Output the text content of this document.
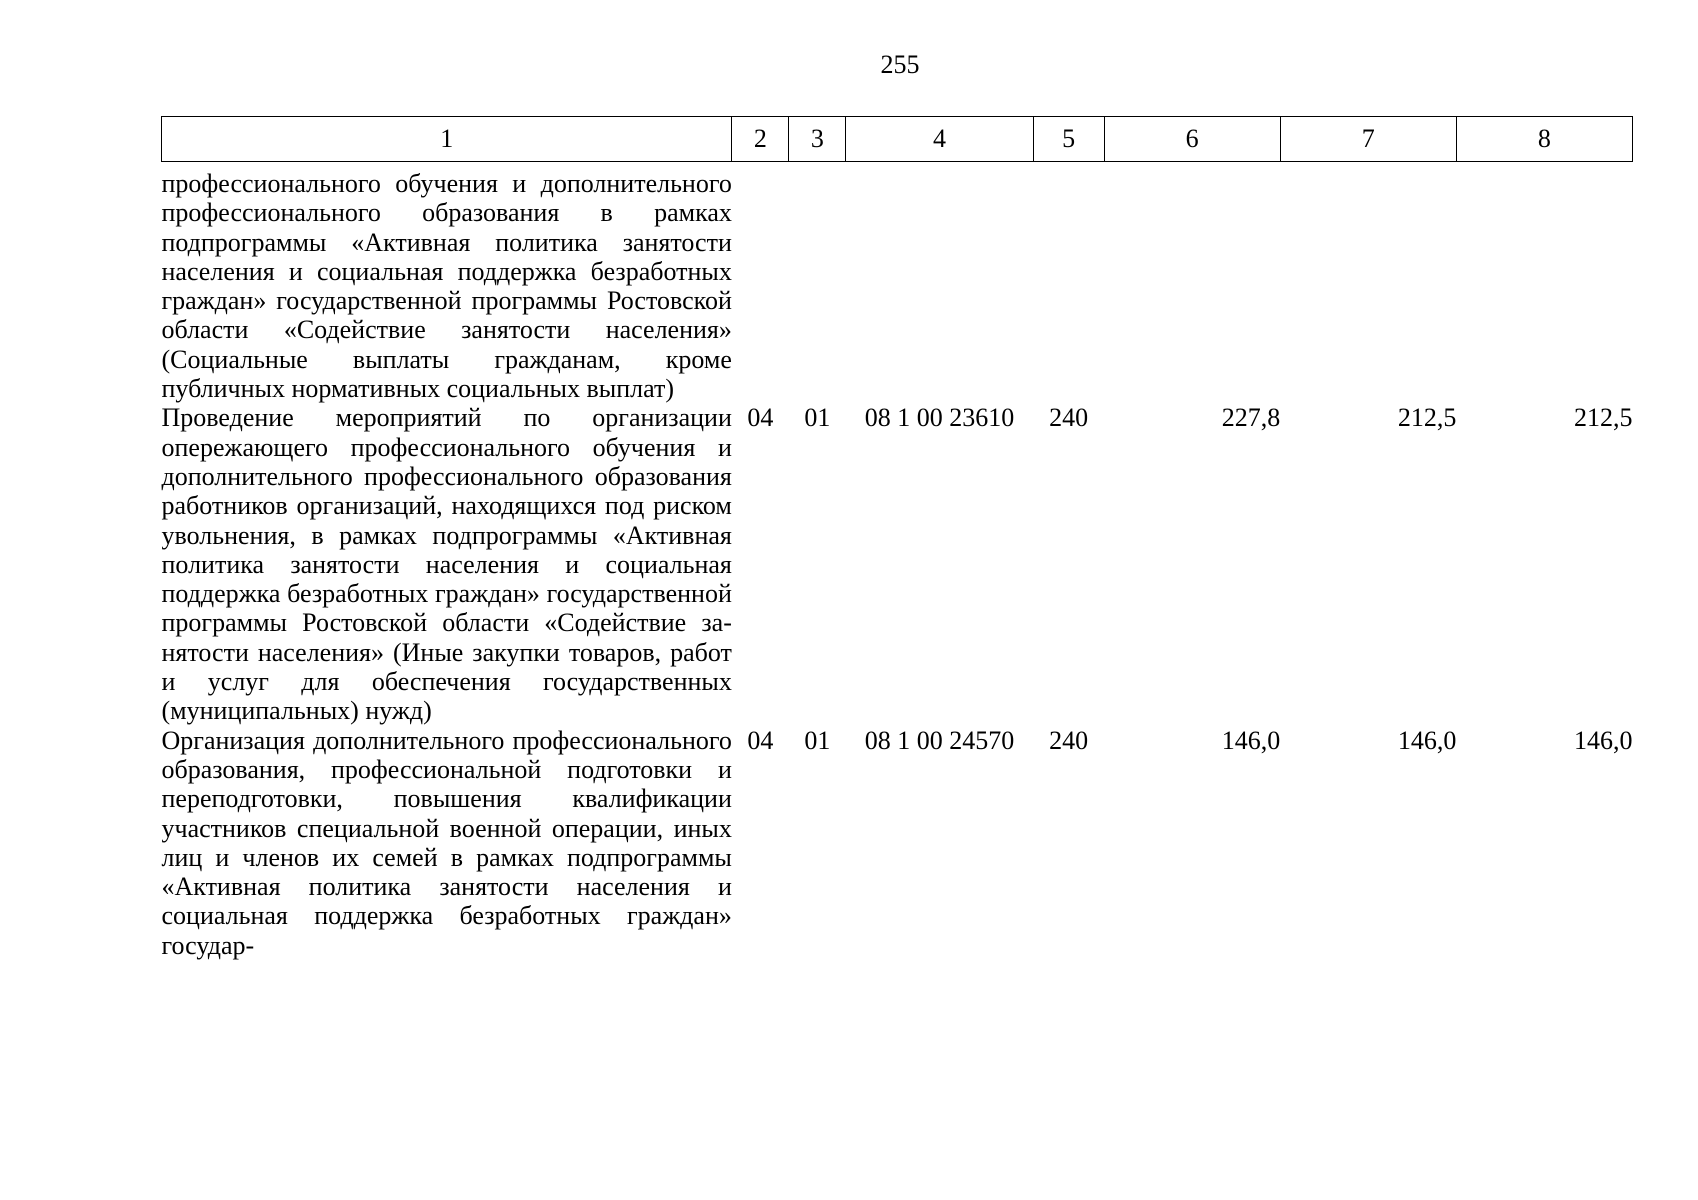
255
1	2	3	4	5	6	7	8
профессионального обучения и дополнительного профессионального образования в рамках подпрограммы «Активная политика занятости населения и социальная поддержка безработных граждан» государственной программы Ростовской области «Содействие занятости населения» (Социальные выплаты гражданам, кроме публичных нормативных социальных выплат)							
Проведение мероприятий по организации опережающего профессионального обучения и дополнительного профессионального образования работников организаций, находящихся под риском увольнения, в рамках подпрограммы «Активная политика занятости населения и социальная поддержка безработных граждан» государственной программы Ростовской области «Содействие занятости населения» (Иные закупки товаров, работ и услуг для обеспечения государственных (муниципальных) нужд)	04	01	08 1 00 23610	240	227,8	212,5	212,5
Организация дополнительного профессионального образования, профессиональной подготовки и переподготовки, повышения квалификации участников специальной военной операции, иных лиц и членов их семей в рамках подпрограммы «Активная политика занятости населения и социальная поддержка безработных граждан» государ-	04	01	08 1 00 24570	240	146,0	146,0	146,0
